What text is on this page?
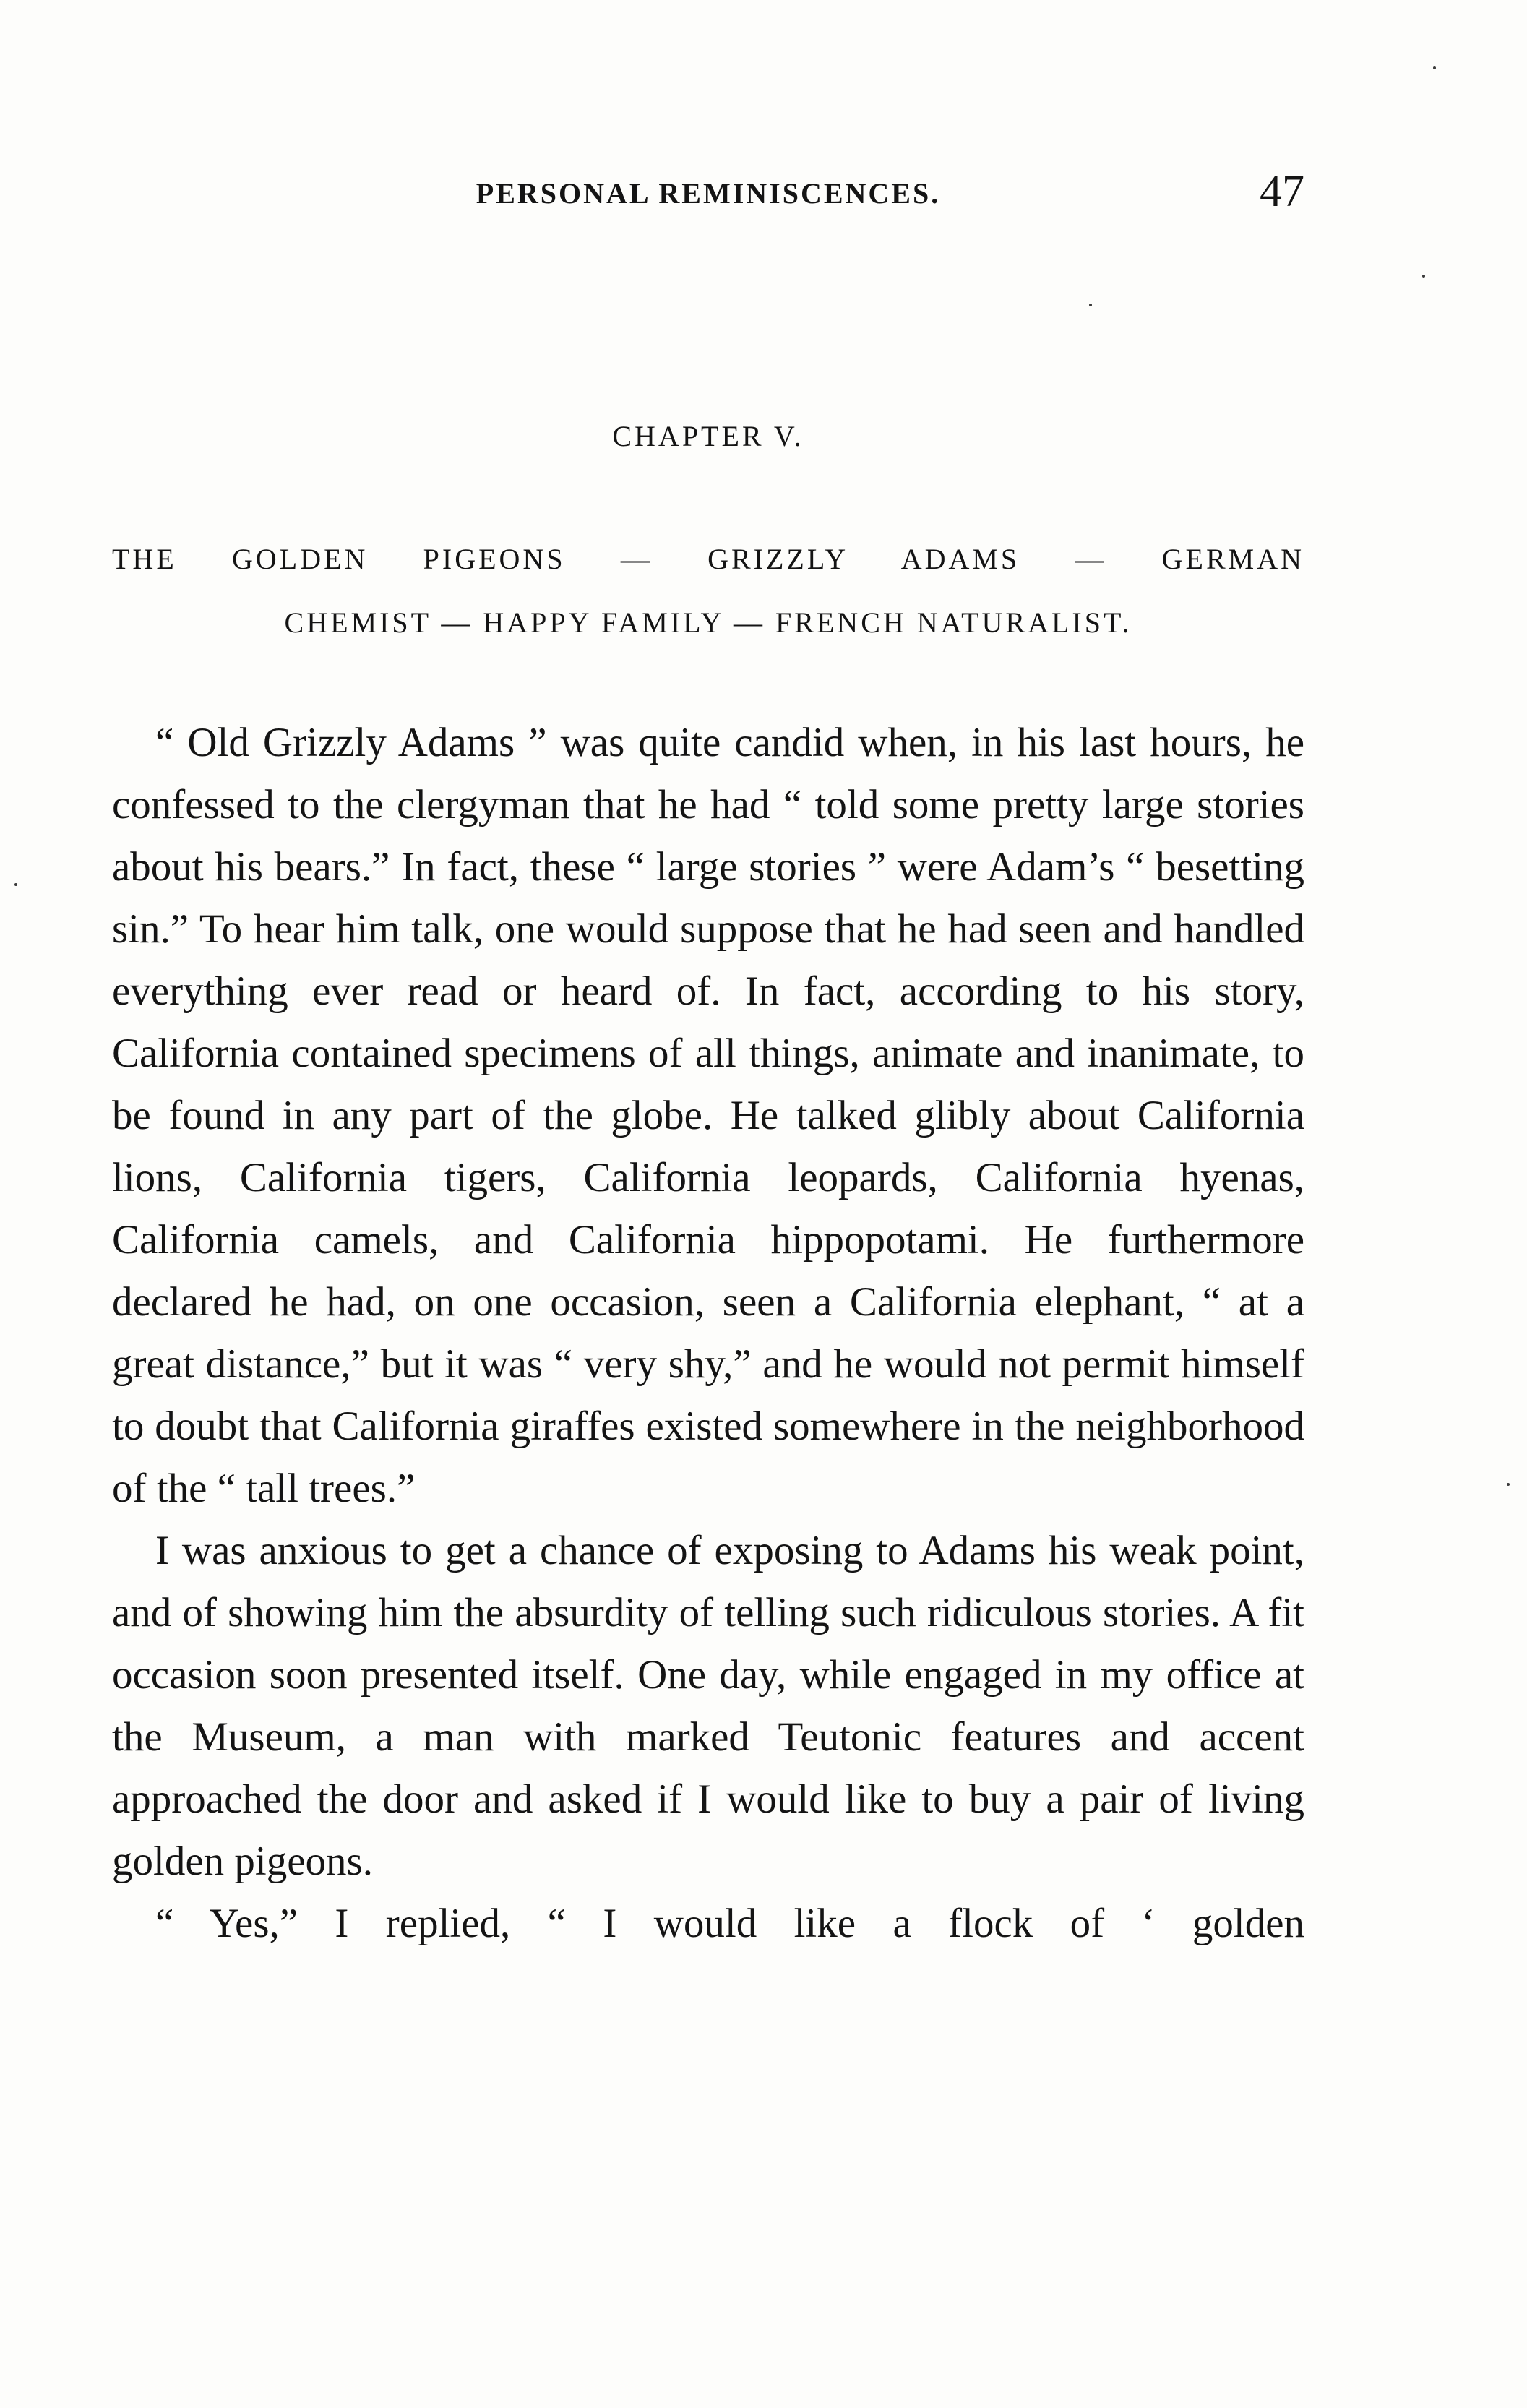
PERSONAL REMINISCENCES.	47
CHAPTER V.
THE GOLDEN PIGEONS — GRIZZLY ADAMS — GERMAN
CHEMIST — HAPPY FAMILY — FRENCH NATURALIST.

“ Old Grizzly Adams ” was quite candid when, in his last hours, he confessed to the clergyman that he had “ told some pretty large stories about his bears.” In fact, these “ large stories ” were Adam’s “ besetting sin.” To hear him talk, one would suppose that he had seen and handled everything ever read or heard of. In fact, according to his story, California contained specimens of all things, animate and inanimate, to be found in any part of the globe. He talked glibly about California lions, California tigers, California leopards, California hyenas, California camels, and California hippopotami. He furthermore declared he had, on one occasion, seen a California elephant, “ at a great distance,” but it was “ very shy,” and he would not permit himself to doubt that California giraffes existed somewhere in the neighborhood of the “ tall trees.”

I was anxious to get a chance of exposing to Adams his weak point, and of showing him the absurdity of telling such ridiculous stories. A fit occasion soon presented itself. One day, while engaged in my office at the Museum, a man with marked Teutonic features and accent approached the door and asked if I would like to buy a pair of living golden pigeons.

“ Yes,” I replied, “ I would like a flock of ‘ golden
